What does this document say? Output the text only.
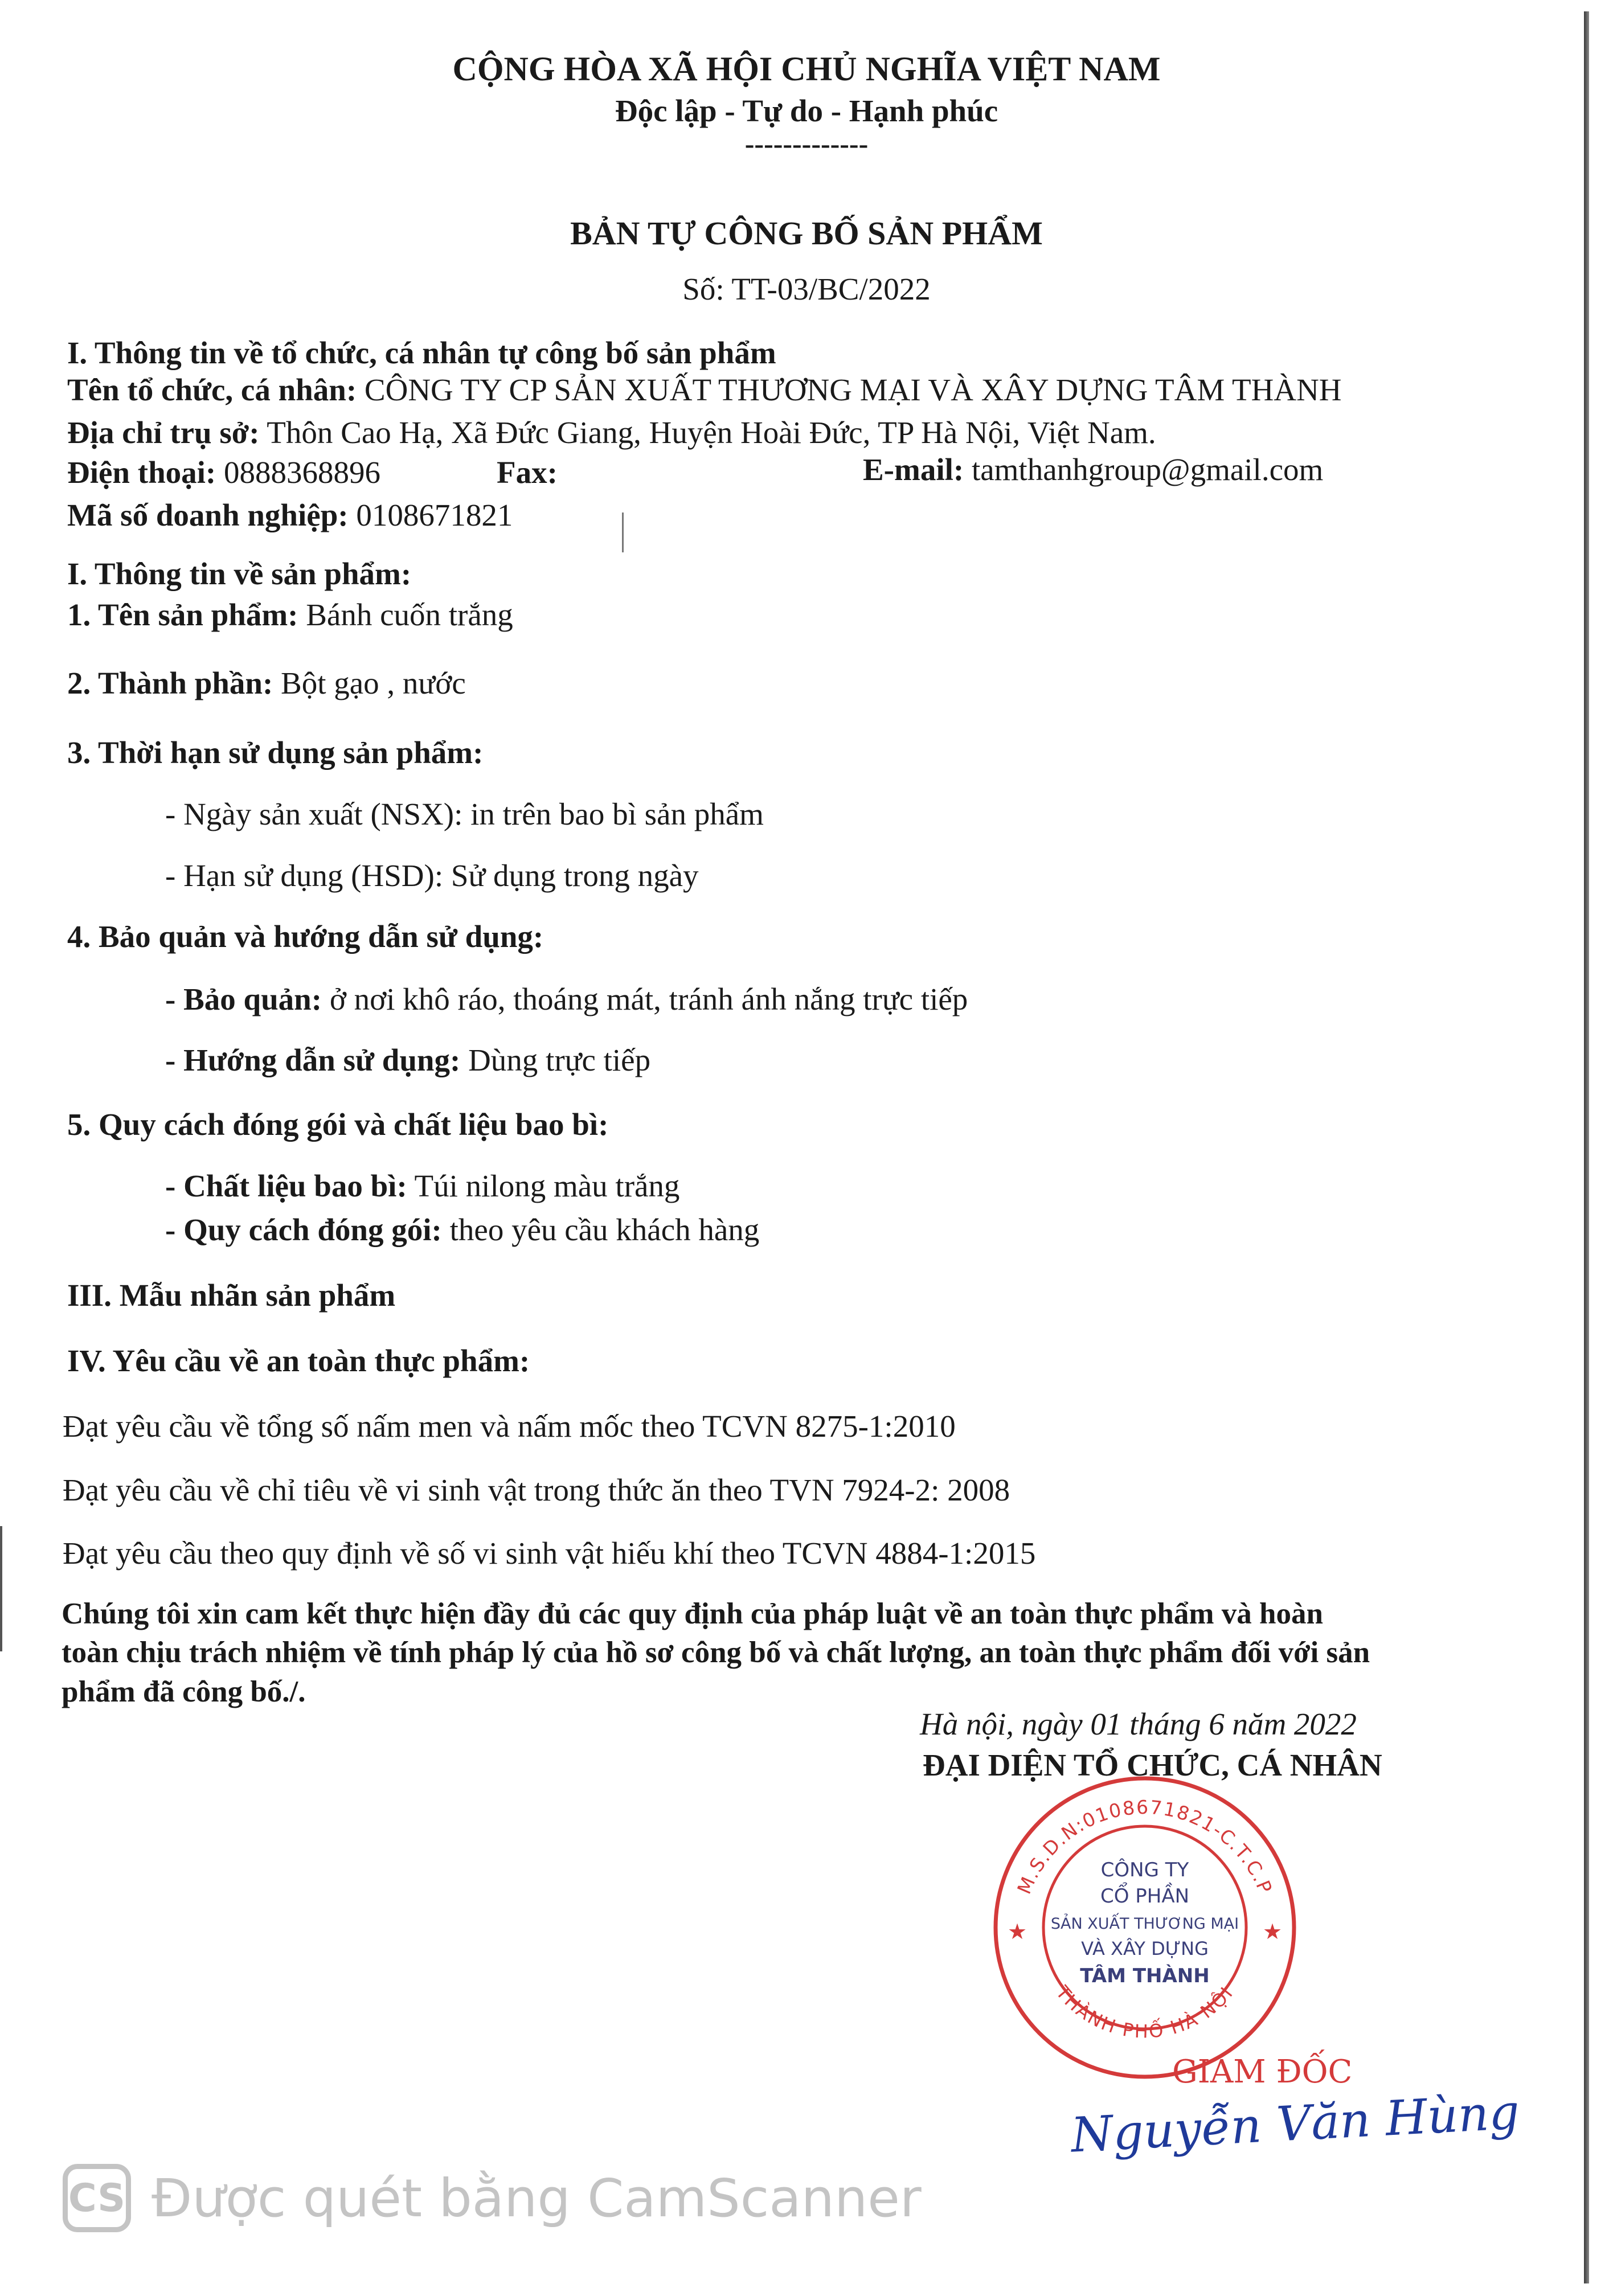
CỘNG HÒA XÃ HỘI CHỦ NGHĨA VIỆT NAM
Độc lập - Tự do - Hạnh phúc
-------------
BẢN TỰ CÔNG BỐ SẢN PHẨM
Số: TT-03/BC/2022
I. Thông tin về tổ chức, cá nhân tự công bố sản phẩm
Tên tổ chức, cá nhân: CÔNG TY CP SẢN XUẤT THƯƠNG MẠI VÀ XÂY DỰNG TÂM THÀNH
Địa chỉ trụ sở: Thôn Cao Hạ, Xã Đức Giang, Huyện Hoài Đức, TP Hà Nội, Việt Nam.
Điện thoại: 0888368896	Fax:	E-mail: tamthanhgroup@gmail.com
Mã số doanh nghiệp: 0108671821
I. Thông tin về sản phẩm:
1. Tên sản phẩm: Bánh cuốn trắng
2. Thành phần: Bột gạo , nước
3. Thời hạn sử dụng sản phẩm:
- Ngày sản xuất (NSX): in trên bao bì sản phẩm
- Hạn sử dụng (HSD): Sử dụng trong ngày
4. Bảo quản và hướng dẫn sử dụng:
- Bảo quản: ở nơi khô ráo, thoáng mát, tránh ánh nắng trực tiếp
- Hướng dẫn sử dụng: Dùng trực tiếp
5. Quy cách đóng gói và chất liệu bao bì:
- Chất liệu bao bì: Túi nilong màu trắng
- Quy cách đóng gói: theo yêu cầu khách hàng
III. Mẫu nhãn sản phẩm
IV. Yêu cầu về an toàn thực phẩm:
Đạt yêu cầu về tổng số nấm men và nấm mốc theo TCVN 8275-1:2010
Đạt yêu cầu về chỉ tiêu về vi sinh vật trong thức ăn theo TVN 7924-2: 2008
Đạt yêu cầu theo quy định về số vi sinh vật hiếu khí theo TCVN 4884-1:2015
Chúng tôi xin cam kết thực hiện đầy đủ các quy định của pháp luật về an toàn thực phẩm và hoàn
toàn chịu trách nhiệm về tính pháp lý của hồ sơ công bố và chất lượng, an toàn thực phẩm đối với sản
phẩm đã công bố./.
Hà nội, ngày 01 tháng 6 năm 2022
ĐẠI DIỆN TỔ CHỨC, CÁ NHÂN
M.S.D.N:0108671821-C.T.C.P
THÀNH PHỐ HÀ NỘI
★	★
CÔNG TY
CỔ PHẦN
SẢN XUẤT THƯƠNG MẠI
VÀ XÂY DỰNG
TÂM THÀNH
GIÁM ĐỐC
Nguyễn Văn Hùng
CS Được quét bằng CamScanner
